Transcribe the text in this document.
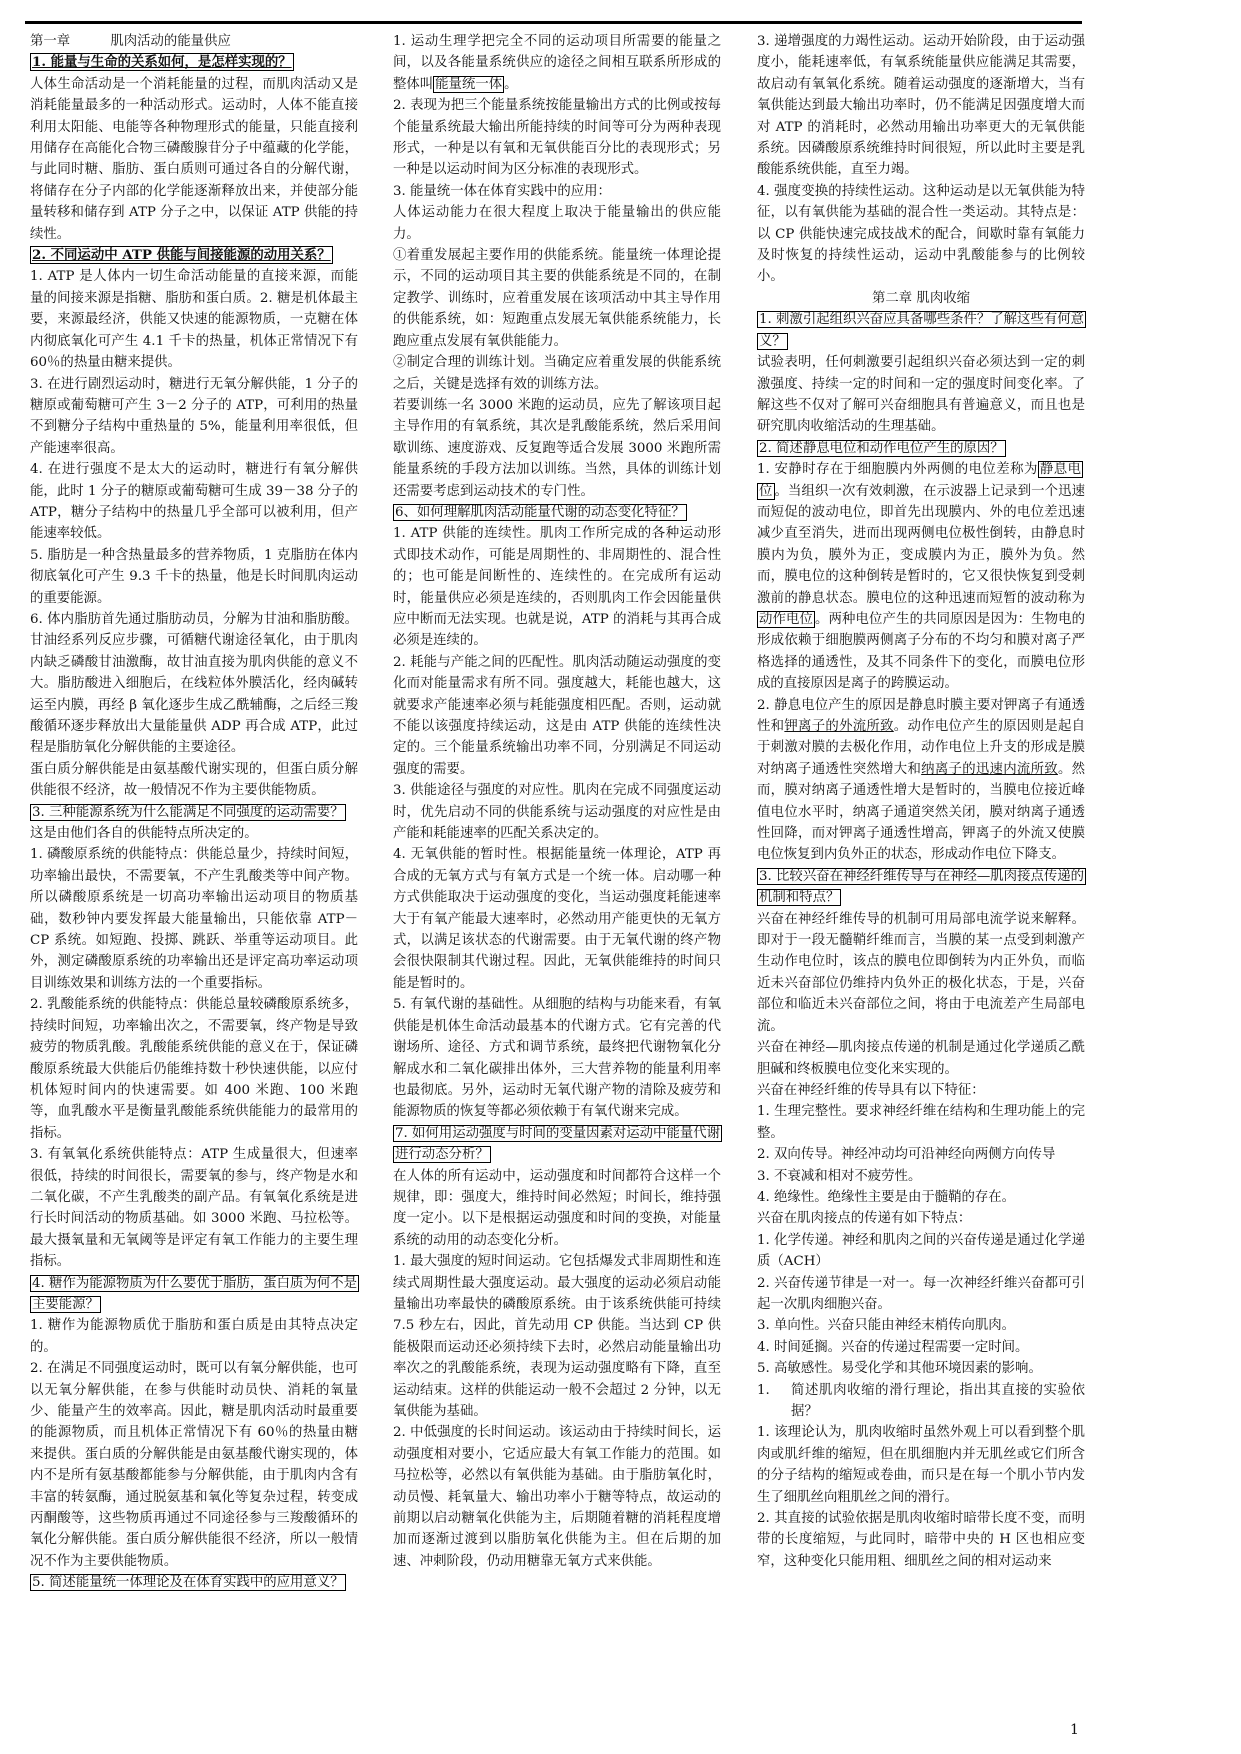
第一章　　　肌肉活动的能量供应
1. 能量与生命的关系如何，是怎样实现的？
人体生命活动是一个消耗能量的过程，而肌肉活动又是消耗能量最多的一种活动形式。运动时，人体不能直接利用太阳能、电能等各种物理形式的能量，只能直接利用储存在高能化合物三磷酸腺苷分子中蕴藏的化学能，与此同时糖、脂肪、蛋白质则可通过各自的分解代谢，将储存在分子内部的化学能逐渐释放出来，并使部分能量转移和储存到 ATP 分子之中，以保证 ATP 供能的持续性。
2. 不同运动中 ATP 供能与间接能源的动用关系？
1. ATP 是人体内一切生命活动能量的直接来源，而能量的间接来源是指糖、脂肪和蛋白质。2. 糖是机体最主要，来源最经济，供能又快速的能源物质，一克糖在体内彻底氧化可产生 4.1 千卡的热量，机体正常情况下有 60％的热量由糖来提供。
3. 在进行剧烈运动时，糖进行无氧分解供能，1 分子的糖原或葡萄糖可产生 3－2 分子的 ATP，可利用的热量不到糖分子结构中重热量的 5%，能量利用率很低，但产能速率很高。
4. 在进行强度不是太大的运动时，糖进行有氧分解供能，此时 1 分子的糖原或葡萄糖可生成 39－38 分子的 ATP，糖分子结构中的热量几乎全部可以被利用，但产能速率较低。
5. 脂肪是一种含热量最多的营养物质，1 克脂肪在体内彻底氧化可产生 9.3 千卡的热量，他是长时间肌肉运动的重要能源。
6. 体内脂肪首先通过脂肪动员，分解为甘油和脂肪酸。甘油经系列反应步骤，可循糖代谢途径氧化，由于肌肉内缺乏磷酸甘油激酶，故甘油直接为肌肉供能的意义不大。脂肪酸进入细胞后，在线粒体外膜活化，经肉碱转运至内膜，再经 β 氧化逐步生成乙酰辅酶，之后经三羧酸循环逐步释放出大量能量供 ADP 再合成 ATP，此过程是脂肪氧化分解供能的主要途径。
蛋白质分解供能是由氨基酸代谢实现的，但蛋白质分解供能很不经济，故一般情况不作为主要供能物质。
3. 三种能源系统为什么能满足不同强度的运动需要？
这是由他们各自的供能特点所决定的。
1. 磷酸原系统的供能特点：供能总量少，持续时间短，功率输出最快，不需要氧，不产生乳酸类等中间产物。所以磷酸原系统是一切高功率输出运动项目的物质基础，数秒钟内要发挥最大能量输出，只能依靠 ATP－CP 系统。如短跑、投掷、跳跃、举重等运动项目。此外，测定磷酸原系统的功率输出还是评定高功率运动项目训练效果和训练方法的一个重要指标。
2. 乳酸能系统的供能特点：供能总量较磷酸原系统多，持续时间短，功率输出次之，不需要氧，终产物是导致疲劳的物质乳酸。乳酸能系统供能的意义在于，保证磷酸原系统最大供能后仍能维持数十秒快速供能，以应付机体短时间内的快速需要。如 400 米跑、100 米跑等，血乳酸水平是衡量乳酸能系统供能能力的最常用的指标。
3. 有氧氧化系统供能特点：ATP 生成量很大，但速率很低，持续的时间很长，需要氧的参与，终产物是水和二氧化碳，不产生乳酸类的副产品。有氧氧化系统是进行长时间活动的物质基础。如 3000 米跑、马拉松等。最大摄氧量和无氧阈等是评定有氧工作能力的主要生理指标。
4. 糖作为能源物质为什么要优于脂肪，蛋白质为何不是主要能源？
1. 糖作为能源物质优于脂肪和蛋白质是由其特点决定的。
2. 在满足不同强度运动时，既可以有氧分解供能，也可以无氧分解供能，在参与供能时动员快、消耗的氧量少、能量产生的效率高。因此，糖是肌肉活动时最重要的能源物质，而且机体正常情况下有 60％的热量由糖来提供。蛋白质的分解供能是由氨基酸代谢实现的，体内不是所有氨基酸都能参与分解供能，由于肌肉内含有丰富的转氨酶，通过脱氨基和氧化等复杂过程，转变成丙酮酸等，这些物质再通过不同途径参与三羧酸循环的氧化分解供能。蛋白质分解供能很不经济，所以一般情况不作为主要供能物质。
5. 简述能量统一体理论及在体育实践中的应用意义？
1. 运动生理学把完全不同的运动项目所需要的能量之间，以及各能量系统供应的途径之间相互联系所形成的整体叫 能量统一体 。
2. 表现为把三个能量系统按能量输出方式的比例或按每个能量系统最大输出所能持续的时间等可分为两种表现形式，一种是以有氧和无氧供能百分比的表现形式；另一种是以运动时间为区分标准的表现形式。
3. 能量统一体在体育实践中的应用：
人体运动能力在很大程度上取决于能量输出的供应能力。
①着重发展起主要作用的供能系统。能量统一体理论提示，不同的运动项目其主要的供能系统是不同的，在制定教学、训练时，应着重发展在该项活动中其主导作用的供能系统，如：短跑重点发展无氧供能系统能力，长跑应重点发展有氧供能能力。
②制定合理的训练计划。当确定应着重发展的供能系统之后，关键是选择有效的训练方法。
若要训练一名 3000 米跑的运动员，应先了解该项目起主导作用的有氧系统，其次是乳酸能系统，然后采用间歇训练、速度游戏、反复跑等适合发展 3000 米跑所需能量系统的手段方法加以训练。当然，具体的训练计划还需要考虑到运动技术的专门性。
6、如何理解肌肉活动能量代谢的动态变化特征？
1. ATP 供能的连续性。肌肉工作所完成的各种运动形式即技术动作，可能是周期性的、非周期性的、混合性的；也可能是间断性的、连续性的。在完成所有运动时，能量供应必须是连续的，否则肌肉工作会因能量供应中断而无法实现。也就是说，ATP 的消耗与其再合成必须是连续的。
2. 耗能与产能之间的匹配性。肌肉活动随运动强度的变化而对能量需求有所不同。强度越大，耗能也越大，这就要求产能速率必须与耗能强度相匹配。否则，运动就不能以该强度持续运动，这是由 ATP 供能的连续性决定的。三个能量系统输出功率不同，分别满足不同运动强度的需要。
3. 供能途径与强度的对应性。肌肉在完成不同强度运动时，优先启动不同的供能系统与运动强度的对应性是由产能和耗能速率的匹配关系决定的。
4. 无氧供能的暂时性。根据能量统一体理论，ATP 再合成的无氧方式与有氧方式是一个统一体。启动哪一种方式供能取决于运动强度的变化，当运动强度耗能速率大于有氧产能最大速率时，必然动用产能更快的无氧方式，以满足该状态的代谢需要。由于无氧代谢的终产物会很快限制其代谢过程。因此，无氧供能维持的时间只能是暂时的。
5. 有氧代谢的基础性。从细胞的结构与功能来看，有氧供能是机体生命活动最基本的代谢方式。它有完善的代谢场所、途径、方式和调节系统，最终把代谢物氧化分解成水和二氧化碳排出体外，三大营养物的能量利用率也最彻底。另外，运动时无氧代谢产物的清除及疲劳和能源物质的恢复等都必须依赖于有氧代谢来完成。
7. 如何用运动强度与时间的变量因素对运动中能量代谢进行动态分析？
在人体的所有运动中，运动强度和时间都符合这样一个规律，即：强度大，维持时间必然短；时间长，维持强度一定小。以下是根据运动强度和时间的变换，对能量系统的动用的动态变化分析。
1. 最大强度的短时间运动。它包括爆发式非周期性和连续式周期性最大强度运动。最大强度的运动必须启动能量输出功率最快的磷酸原系统。由于该系统供能可持续 7.5 秒左右，因此，首先动用 CP 供能。当达到 CP 供能极限而运动还必须持续下去时，必然启动能量输出功率次之的乳酸能系统，表现为运动强度略有下降，直至运动结束。这样的供能运动一般不会超过 2 分钟，以无氧供能为基础。
2. 中低强度的长时间运动。该运动由于持续时间长，运动强度相对要小，它适应最大有氧工作能力的范围。如马拉松等，必然以有氧供能为基础。由于脂肪氧化时，动员慢、耗氧量大、输出功率小于糖等特点，故运动的前期以启动糖氧化供能为主，后期随着糖的消耗程度增加而逐渐过渡到以脂肪氧化供能为主。但在后期的加速、冲刺阶段，仍动用糖靠无氧方式来供能。
3. 递增强度的力竭性运动。运动开始阶段，由于运动强度小，能耗速率低，有氧系统能量供应能满足其需要，故启动有氧氧化系统。随着运动强度的逐渐增大，当有氧供能达到最大输出功率时，仍不能满足因强度增大而对 ATP 的消耗时，必然动用输出功率更大的无氧供能系统。因磷酸原系统维持时间很短，所以此时主要是乳酸能系统供能，直至力竭。
4. 强度变换的持续性运动。这种运动是以无氧供能为特征，以有氧供能为基础的混合性一类运动。其特点是：以 CP 供能快速完成技战术的配合，间歇时靠有氧能力及时恢复的持续性运动，运动中乳酸能参与的比例较小。
第二章 肌肉收缩
1. 刺激引起组织兴奋应具备哪些条件？了解这些有何意义？
试验表明，任何刺激要引起组织兴奋必须达到一定的刺激强度、持续一定的时间和一定的强度时间变化率。了解这些不仅对了解可兴奋细胞具有普遍意义，而且也是研究肌肉收缩活动的生理基础。
2. 简述静息电位和动作电位产生的原因？
1. 安静时存在于细胞膜内外两侧的电位差称为 静息电位 。当组织一次有效刺激，在示波器上记录到一个迅速而短促的波动电位，即首先出现膜内、外的电位差迅速减少直至消失，进而出现两侧电位极性倒转，由静息时膜内为负，膜外为正，变成膜内为正，膜外为负。然而，膜电位的这种倒转是暂时的，它又很快恢复到受刺激前的静息状态。膜电位的这种迅速而短暂的波动称为动作电位 。两种电位产生的共同原因是因为：生物电的形成依赖于细胞膜两侧离子分布的不均匀和膜对离子严格选择的通透性，及其不同条件下的变化，而膜电位形成的直接原因是离子的跨膜运动。
2. 静息电位产生的原因是静息时膜主要对钾离子有通透性和钾离子的外流所致。动作电位产生的原因则是起自于刺激对膜的去极化作用，动作电位上升支的形成是膜对纳离子通透性突然增大和纳离子的迅速内流所致。然而，膜对纳离子通透性增大是暂时的，当膜电位接近峰值电位水平时，纳离子通道突然关闭，膜对纳离子通透性回降，而对钾离子通透性增高，钾离子的外流又使膜电位恢复到内负外正的状态，形成动作电位下降支。
3. 比较兴奋在神经纤维传导与在神经—肌肉接点传递的机制和特点？
兴奋在神经纤维传导的机制可用局部电流学说来解释。即对于一段无髓鞘纤维而言，当膜的某一点受到刺激产生动作电位时，该点的膜电位即倒转为内正外负，而临近未兴奋部位仍维持内负外正的极化状态，于是，兴奋部位和临近未兴奋部位之间，将由于电流差产生局部电流。
兴奋在神经—肌肉接点传递的机制是通过化学递质乙酰胆碱和终板膜电位变化来实现的。
兴奋在神经纤维的传导具有以下特征：
1. 生理完整性。要求神经纤维在结构和生理功能上的完整。
2. 双向传导。神经冲动均可沿神经向两侧方向传导
3. 不衰减和相对不疲劳性。
4. 绝缘性。绝缘性主要是由于髓鞘的存在。
兴奋在肌肉接点的传递有如下特点：
1. 化学传递。神经和肌肉之间的兴奋传递是通过化学递质（ACH）
2. 兴奋传递节律是一对一。每一次神经纤维兴奋都可引起一次肌肉细胞兴奋。
3. 单向性。兴奋只能由神经末梢传向肌肉。
4. 时间延搁。兴奋的传递过程需要一定时间。
5. 高敏感性。易受化学和其他环境因素的影响。
1.	简述肌肉收缩的滑行理论，指出其直接的实验依据？
1. 该理论认为，肌肉收缩时虽然外观上可以看到整个肌肉或肌纤维的缩短，但在肌细胞内并无肌丝或它们所含的分子结构的缩短或卷曲，而只是在每一个肌小节内发生了细肌丝向粗肌丝之间的滑行。
2. 其直接的试验依据是肌肉收缩时暗带长度不变，而明带的长度缩短，与此同时，暗带中央的 H 区也相应变窄，这种变化只能用粗、细肌丝之间的相对运动来
1
